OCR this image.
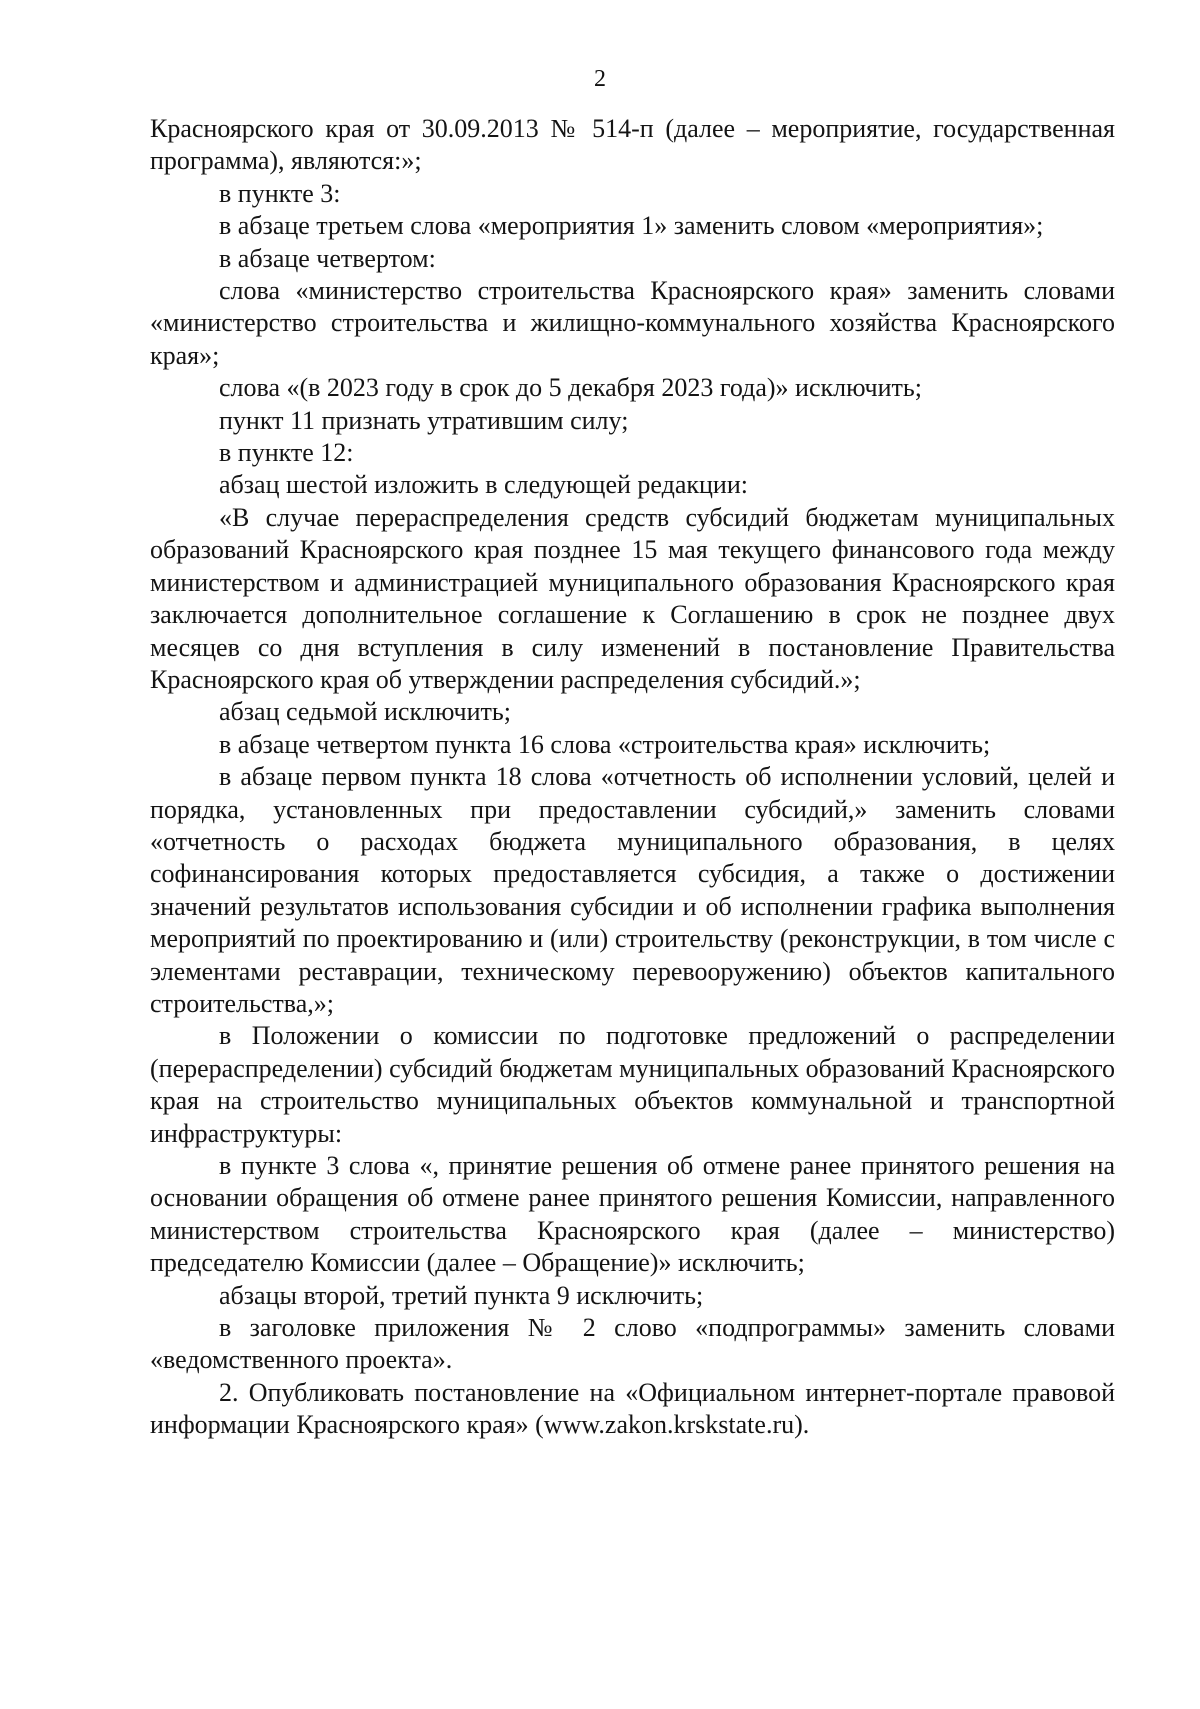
2

Красноярского края от 30.09.2013 № 514-п (далее – мероприятие, государственная программа), являются:»;

в пункте 3:

в абзаце третьем слова «мероприятия 1» заменить словом «мероприятия»;

в абзаце четвертом:

слова «министерство строительства Красноярского края» заменить словами «министерство строительства и жилищно-коммунального хозяйства Красноярского края»;

слова «(в 2023 году в срок до 5 декабря 2023 года)» исключить;

пункт 11 признать утратившим силу;

в пункте 12:

абзац шестой изложить в следующей редакции:

«В случае перераспределения средств субсидий бюджетам муниципальных образований Красноярского края позднее 15 мая текущего финансового года между министерством и администрацией муниципального образования Красноярского края заключается дополнительное соглашение к Соглашению в срок не позднее двух месяцев со дня вступления в силу изменений в постановление Правительства Красноярского края об утверждении распределения субсидий.»;

абзац седьмой исключить;

в абзаце четвертом пункта 16 слова «строительства края» исключить;

в абзаце первом пункта 18 слова «отчетность об исполнении условий, целей и порядка, установленных при предоставлении субсидий,» заменить словами «отчетность о расходах бюджета муниципального образования, в целях софинансирования которых предоставляется субсидия, а также о достижении значений результатов использования субсидии и об исполнении графика выполнения мероприятий по проектированию и (или) строительству (реконструкции, в том числе с элементами реставрации, техническому перевооружению) объектов капитального строительства,»;

в Положении о комиссии по подготовке предложений о распределении (перераспределении) субсидий бюджетам муниципальных образований Красноярского края на строительство муниципальных объектов коммунальной и транспортной инфраструктуры:

в пункте 3 слова «, принятие решения об отмене ранее принятого решения на основании обращения об отмене ранее принятого решения Комиссии, направленного министерством строительства Красноярского края (далее – министерство) председателю Комиссии (далее – Обращение)» исключить;

абзацы второй, третий пункта 9 исключить;

в заголовке приложения № 2 слово «подпрограммы» заменить словами «ведомственного проекта».

2. Опубликовать постановление на «Официальном интернет-портале правовой информации Красноярского края» (www.zakon.krskstate.ru).
